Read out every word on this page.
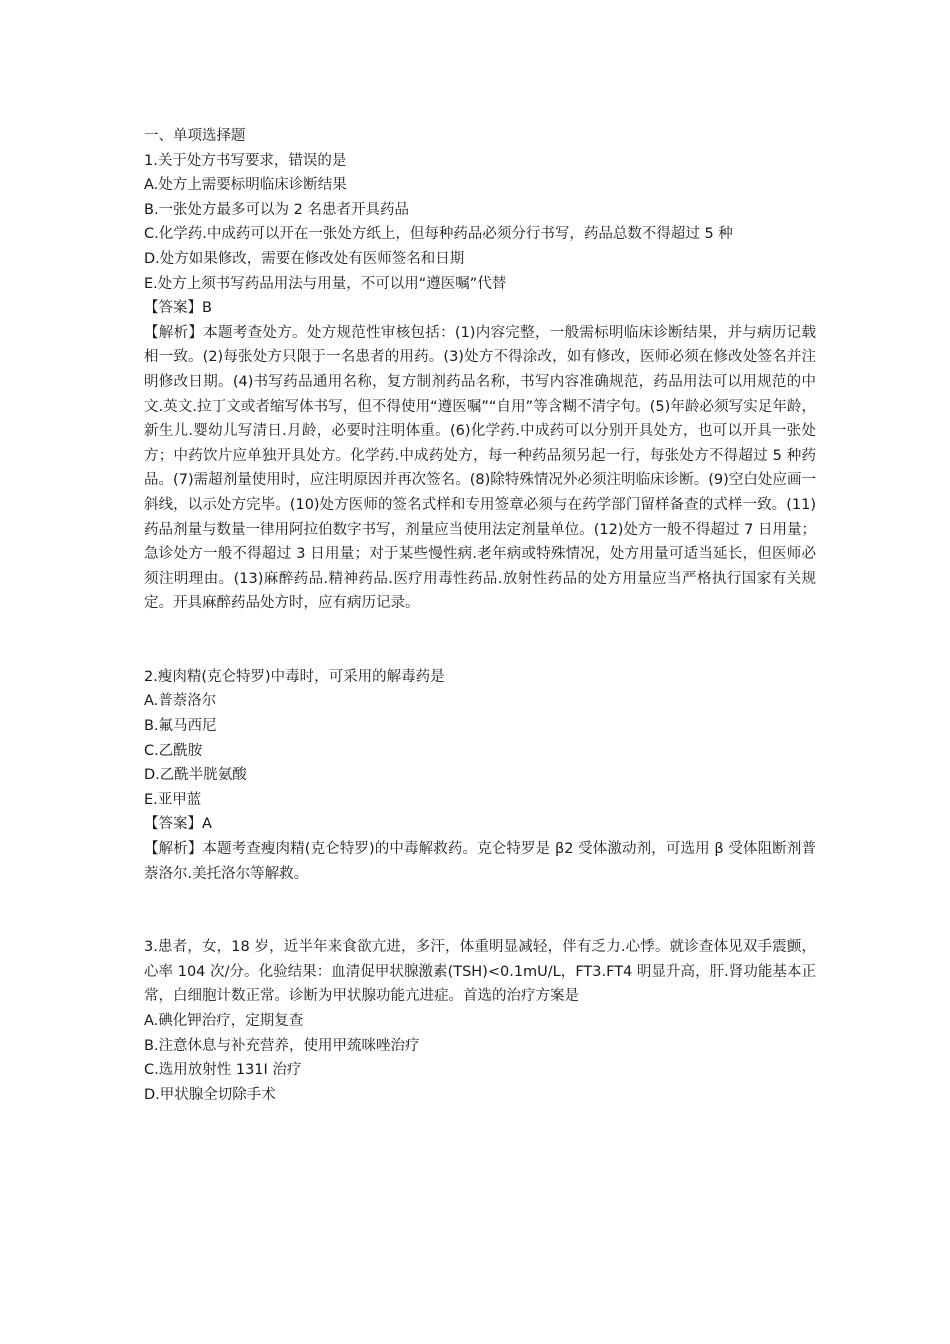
一、单项选择题
1.关于处方书写要求，错误的是
A.处方上需要标明临床诊断结果
B.一张处方最多可以为 2 名患者开具药品
C.化学药.中成药可以开在一张处方纸上，但每种药品必须分行书写，药品总数不得超过 5 种
D.处方如果修改，需要在修改处有医师签名和日期
E.处方上须书写药品用法与用量，不可以用“遵医嘱”代替
【答案】B
【解析】本题考查处方。处方规范性审核包括：(1)内容完整，一般需标明临床诊断结果，并与病历记载相一致。(2)每张处方只限于一名患者的用药。(3)处方不得涂改，如有修改，医师必须在修改处签名并注明修改日期。(4)书写药品通用名称，复方制剂药品名称，书写内容准确规范，药品用法可以用规范的中文.英文.拉丁文或者缩写体书写，但不得使用“遵医嘱”“自用”等含糊不清字句。(5)年龄必须写实足年龄，新生儿.婴幼儿写清日.月龄，必要时注明体重。(6)化学药.中成药可以分别开具处方，也可以开具一张处方；中药饮片应单独开具处方。化学药.中成药处方，每一种药品须另起一行，每张处方不得超过 5 种药品。(7)需超剂量使用时，应注明原因并再次签名。(8)除特殊情况外必须注明临床诊断。(9)空白处应画一斜线，以示处方完毕。(10)处方医师的签名式样和专用签章必须与在药学部门留样备查的式样一致。(11)药品剂量与数量一律用阿拉伯数字书写，剂量应当使用法定剂量单位。(12)处方一般不得超过 7 日用量；急诊处方一般不得超过 3 日用量；对于某些慢性病.老年病或特殊情况，处方用量可适当延长，但医师必须注明理由。(13)麻醉药品.精神药品.医疗用毒性药品.放射性药品的处方用量应当严格执行国家有关规定。开具麻醉药品处方时，应有病历记录。
2.瘦肉精(克仑特罗)中毒时，可采用的解毒药是
A.普萘洛尔
B.氟马西尼
C.乙酰胺
D.乙酰半胱氨酸
E.亚甲蓝
【答案】A
【解析】本题考查瘦肉精(克仑特罗)的中毒解救药。克仑特罗是 β2 受体激动剂，可选用 β 受体阻断剂普萘洛尔.美托洛尔等解救。
3.患者，女，18 岁，近半年来食欲亢进，多汗，体重明显减轻，伴有乏力.心悸。就诊查体见双手震颤，心率 104 次/分。化验结果：血清促甲状腺激素(TSH)<0.1mU/L，FT3.FT4 明显升高，肝.肾功能基本正常，白细胞计数正常。诊断为甲状腺功能亢进症。首选的治疗方案是
A.碘化钾治疗，定期复查
B.注意休息与补充营养，使用甲巯咪唑治疗
C.选用放射性 131I 治疗
D.甲状腺全切除手术
